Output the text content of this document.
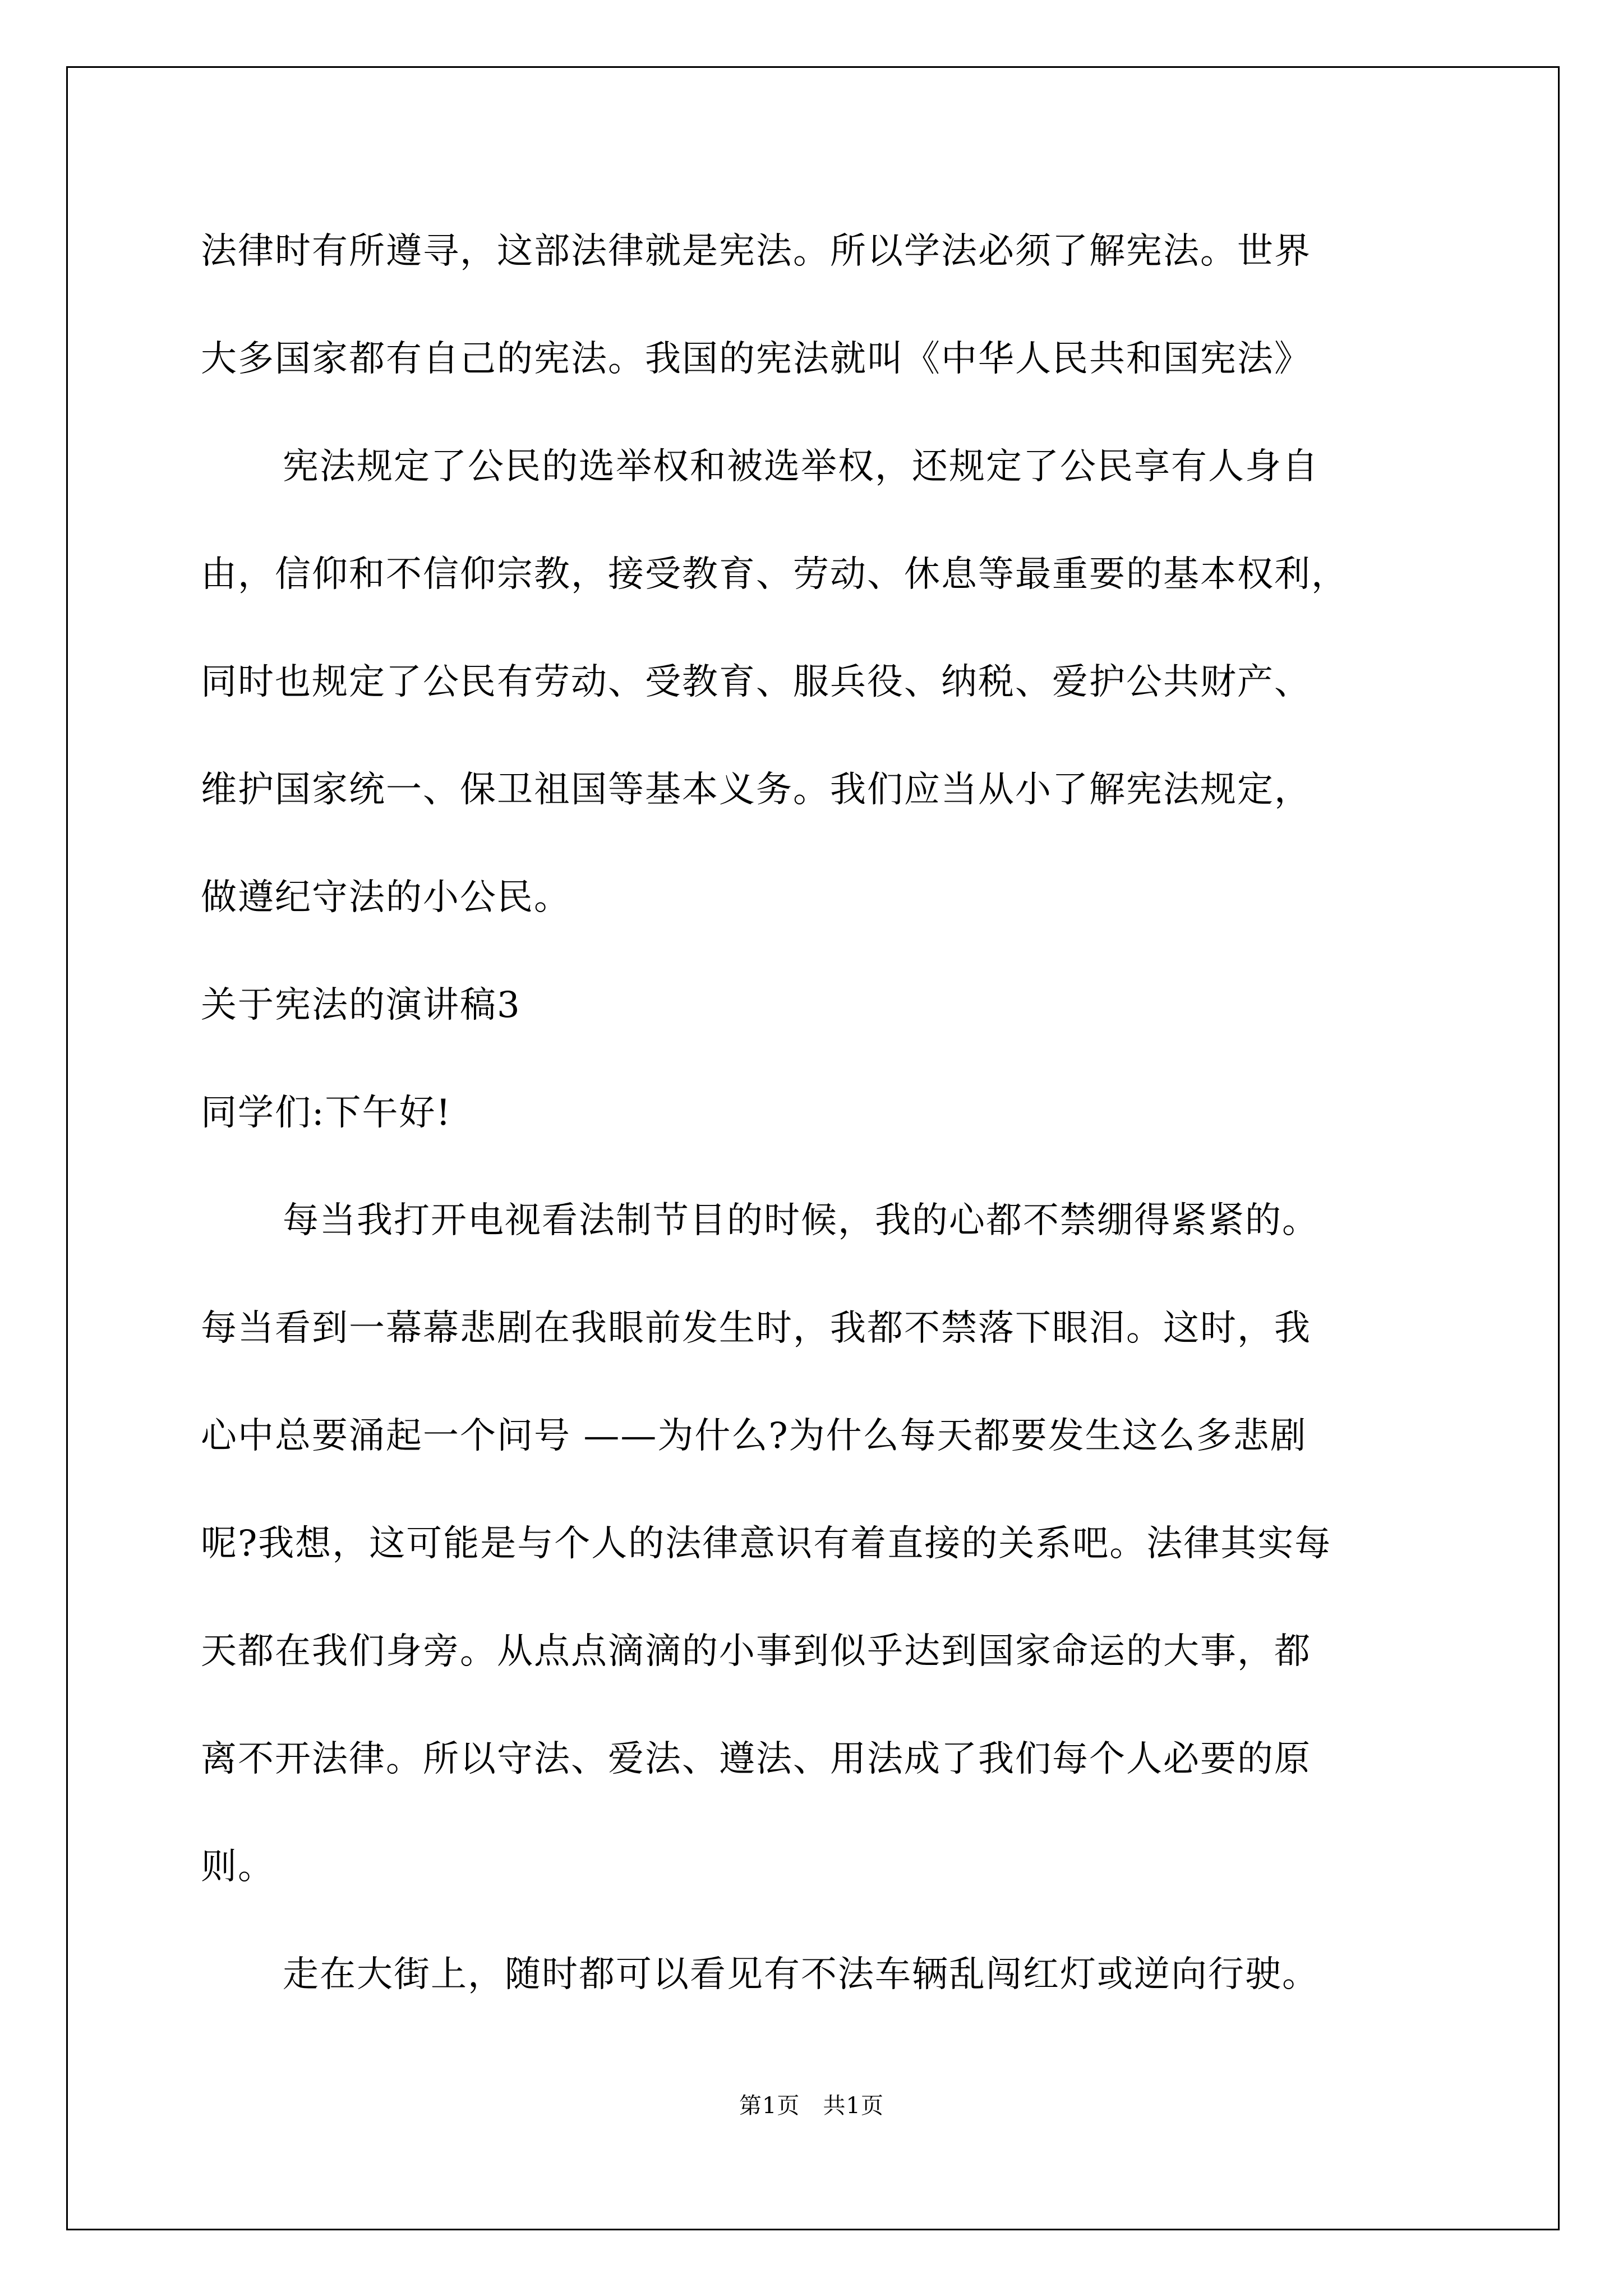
法律时有所遵寻，这部法律就是宪法。所以学法必须了解宪法。世界
大多国家都有自己的宪法。我国的宪法就叫《中华人民共和国宪法》
宪法规定了公民的选举权和被选举权，还规定了公民享有人身自
由，信仰和不信仰宗教，接受教育、劳动、休息等最重要的基本权利，
同时也规定了公民有劳动、受教育、服兵役、纳税、爱护公共财产、
维护国家统一、保卫祖国等基本义务。我们应当从小了解宪法规定，
做遵纪守法的小公民。
关于宪法的演讲稿3
同学们:下午好!
每当我打开电视看法制节目的时候，我的心都不禁绷得紧紧的。
每当看到一幕幕悲剧在我眼前发生时，我都不禁落下眼泪。这时，我
心中总要涌起一个问号 ——为什么?为什么每天都要发生这么多悲剧
呢?我想，这可能是与个人的法律意识有着直接的关系吧。法律其实每
天都在我们身旁。从点点滴滴的小事到似乎达到国家命运的大事，都
离不开法律。所以守法、爱法、遵法、用法成了我们每个人必要的原
则。
走在大街上，随时都可以看见有不法车辆乱闯红灯或逆向行驶。
第1页   共1页
